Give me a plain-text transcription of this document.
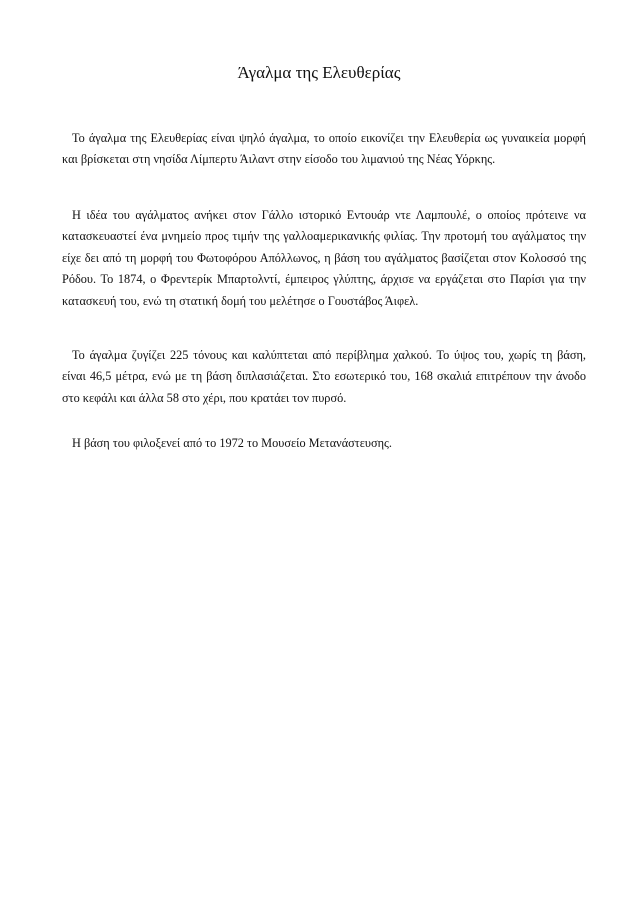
Άγαλμα της Ελευθερίας

Το άγαλμα της Ελευθερίας είναι ψηλό άγαλμα, το οποίο εικονίζει την Ελευθερία ως γυναικεία μορφή και βρίσκεται στη νησίδα Λίμπερτυ Άιλαντ στην είσοδο του λιμανιού της Νέας Υόρκης.

Η ιδέα του αγάλματος ανήκει στον Γάλλο ιστορικό Εντουάρ ντε Λαμπουλέ, ο οποίος πρότεινε να κατασκευαστεί ένα μνημείο προς τιμήν της γαλλοαμερικανικής φιλίας. Την προτομή του αγάλματος την είχε δει από τη μορφή του Φωτοφόρου Απόλλωνος, η βάση του αγάλματος βασίζεται στον Κολοσσό της Ρόδου. Το 1874, ο Φρεντερίκ Μπαρτολντί, έμπειρος γλύπτης, άρχισε να εργάζεται στο Παρίσι για την κατασκευή του, ενώ τη στατική δομή του μελέτησε ο Γουστάβος Άιφελ.

Το άγαλμα ζυγίζει 225 τόνους και καλύπτεται από περίβλημα χαλκού. Το ύψος του, χωρίς τη βάση, είναι 46,5 μέτρα, ενώ με τη βάση διπλασιάζεται. Στο εσωτερικό του, 168 σκαλιά επιτρέπουν την άνοδο στο κεφάλι και άλλα 58 στο χέρι, που κρατάει τον πυρσό.

Η βάση του φιλοξενεί από το 1972 το Μουσείο Μετανάστευσης.
